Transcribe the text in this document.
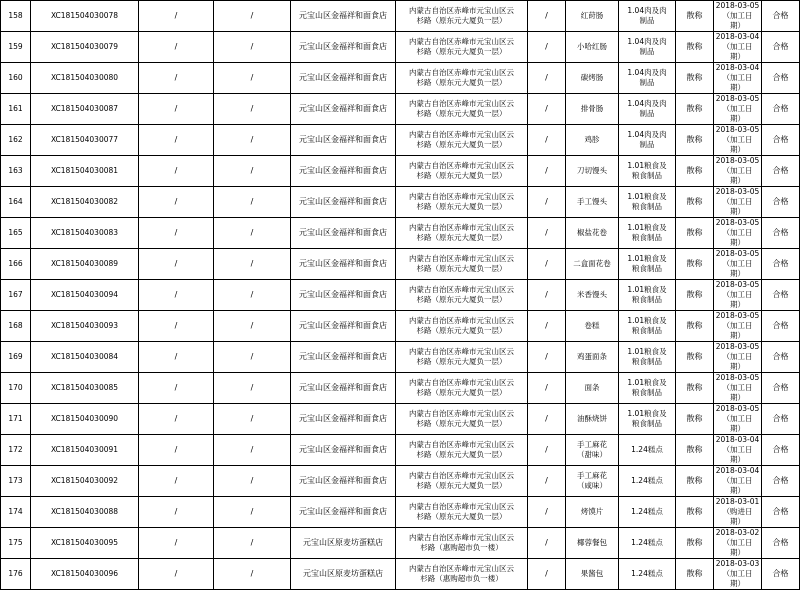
158	XC181504030078	/	/	元宝山区金福祥和面食店	内蒙古自治区赤峰市元宝山区云
杉路（原东元大厦负一层）	/	红莳肠	1.04肉及肉
制品	散称	2018-03-05
（加工日
期）	合格
159	XC181504030079	/	/	元宝山区金福祥和面食店	内蒙古自治区赤峰市元宝山区云
杉路（原东元大厦负一层）	/	小哈红肠	1.04肉及肉
制品	散称	2018-03-04
（加工日
期）	合格
160	XC181504030080	/	/	元宝山区金福祥和面食店	内蒙古自治区赤峰市元宝山区云
杉路（原东元大厦负一层）	/	碳烤肠	1.04肉及肉
制品	散称	2018-03-04
（加工日
期）	合格
161	XC181504030087	/	/	元宝山区金福祥和面食店	内蒙古自治区赤峰市元宝山区云
杉路（原东元大厦负一层）	/	排骨肠	1.04肉及肉
制品	散称	2018-03-05
（加工日
期）	合格
162	XC181504030077	/	/	元宝山区金福祥和面食店	内蒙古自治区赤峰市元宝山区云
杉路（原东元大厦负一层）	/	鸡胗	1.04肉及肉
制品	散称	2018-03-05
（加工日
期）	合格
163	XC181504030081	/	/	元宝山区金福祥和面食店	内蒙古自治区赤峰市元宝山区云
杉路（原东元大厦负一层）	/	刀切馒头	1.01粮食及
粮食制品	散称	2018-03-05
（加工日
期）	合格
164	XC181504030082	/	/	元宝山区金福祥和面食店	内蒙古自治区赤峰市元宝山区云
杉路（原东元大厦负一层）	/	手工馒头	1.01粮食及
粮食制品	散称	2018-03-05
（加工日
期）	合格
165	XC181504030083	/	/	元宝山区金福祥和面食店	内蒙古自治区赤峰市元宝山区云
杉路（原东元大厦负一层）	/	椒盐花卷	1.01粮食及
粮食制品	散称	2018-03-05
（加工日
期）	合格
166	XC181504030089	/	/	元宝山区金福祥和面食店	内蒙古自治区赤峰市元宝山区云
杉路（原东元大厦负一层）	/	二盒面花卷	1.01粮食及
粮食制品	散称	2018-03-05
（加工日
期）	合格
167	XC181504030094	/	/	元宝山区金福祥和面食店	内蒙古自治区赤峰市元宝山区云
杉路（原东元大厦负一层）	/	米香馒头	1.01粮食及
粮食制品	散称	2018-03-05
（加工日
期）	合格
168	XC181504030093	/	/	元宝山区金福祥和面食店	内蒙古自治区赤峰市元宝山区云
杉路（原东元大厦负一层）	/	卷糕	1.01粮食及
粮食制品	散称	2018-03-05
（加工日
期）	合格
169	XC181504030084	/	/	元宝山区金福祥和面食店	内蒙古自治区赤峰市元宝山区云
杉路（原东元大厦负一层）	/	鸡蛋面条	1.01粮食及
粮食制品	散称	2018-03-05
（加工日
期）	合格
170	XC181504030085	/	/	元宝山区金福祥和面食店	内蒙古自治区赤峰市元宝山区云
杉路（原东元大厦负一层）	/	面条	1.01粮食及
粮食制品	散称	2018-03-05
（加工日
期）	合格
171	XC181504030090	/	/	元宝山区金福祥和面食店	内蒙古自治区赤峰市元宝山区云
杉路（原东元大厦负一层）	/	油酥烧饼	1.01粮食及
粮食制品	散称	2018-03-05
（加工日
期）	合格
172	XC181504030091	/	/	元宝山区金福祥和面食店	内蒙古自治区赤峰市元宝山区云
杉路（原东元大厦负一层）	/	手工麻花
（甜味）	1.24糕点	散称	2018-03-04
（加工日
期）	合格
173	XC181504030092	/	/	元宝山区金福祥和面食店	内蒙古自治区赤峰市元宝山区云
杉路（原东元大厦负一层）	/	手工麻花
（咸味）	1.24糕点	散称	2018-03-04
（加工日
期）	合格
174	XC181504030088	/	/	元宝山区金福祥和面食店	内蒙古自治区赤峰市元宝山区云
杉路（原东元大厦负一层）	/	烤馍片	1.24糕点	散称	2018-03-01
（购进日
期）	合格
175	XC181504030095	/	/	元宝山区原麦坊蛋糕店	内蒙古自治区赤峰市元宝山区云
杉路（惠购超市负一楼）	/	椰蓉餐包	1.24糕点	散称	2018-03-02
（加工日
期）	合格
176	XC181504030096	/	/	元宝山区原麦坊蛋糕店	内蒙古自治区赤峰市元宝山区云
杉路（惠购超市负一楼）	/	果酱包	1.24糕点	散称	2018-03-03
（加工日
期）	合格
